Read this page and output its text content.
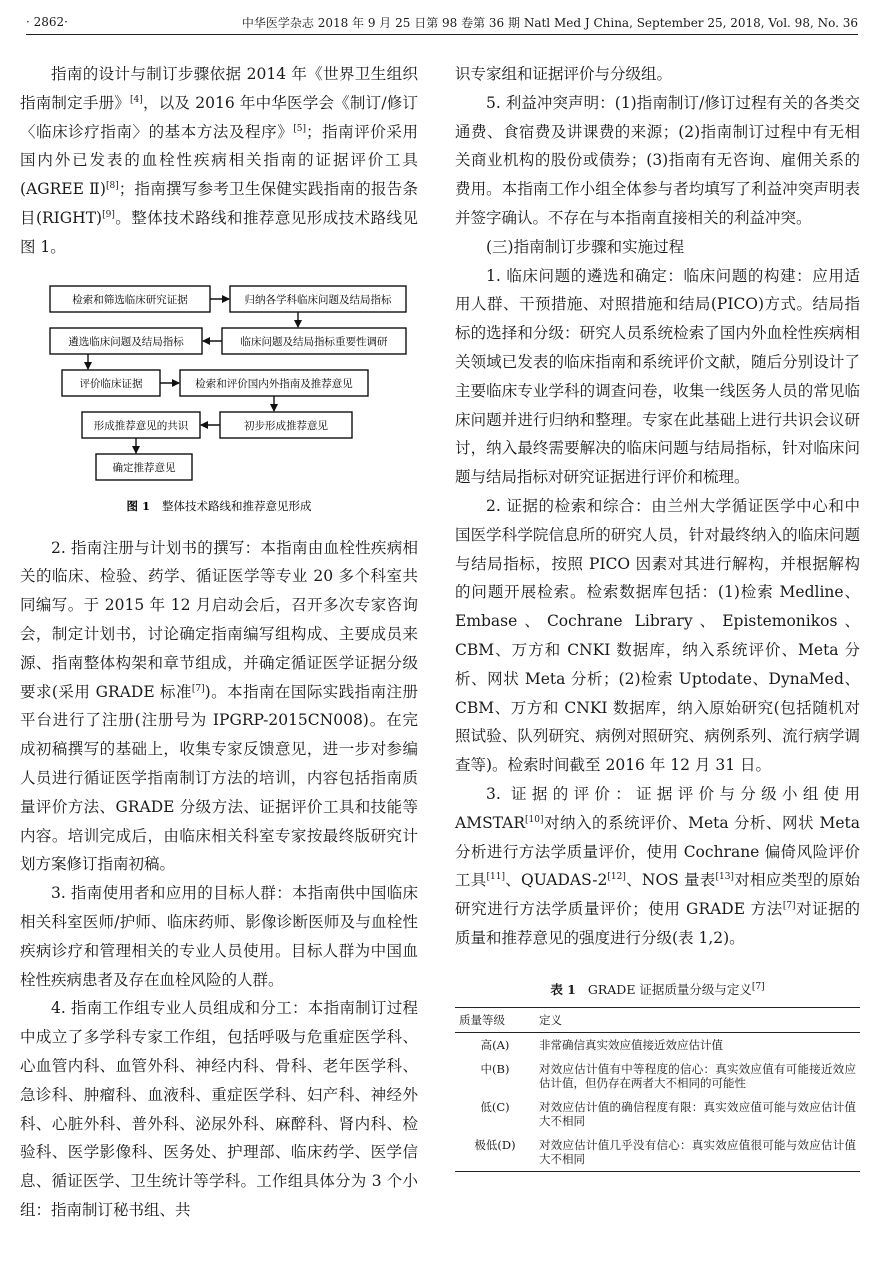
· 2862·	中华医学杂志 2018 年 9 月 25 日第 98 卷第 36 期 Natl Med J China, September 25, 2018, Vol. 98, No. 36

指南的设计与制订步骤依据 2014 年《世界卫生组织指南制定手册》[4]，以及 2016 年中华医学会《制订/修订〈临床诊疗指南〉的基本方法及程序》[5]；指南评价采用国内外已发表的血栓性疾病相关指南的证据评价工具(AGREE Ⅱ)[8]；指南撰写参考卫生保健实践指南的报告条目(RIGHT)[9]。整体技术路线和推荐意见形成技术路线见图 1。

检索和筛选临床研究证据	归纳各学科临床问题及结局指标
临床问题及结局指标重要性调研
遴选临床问题及结局指标
评价临床证据	检索和评价国内外指南及推荐意见
初步形成推荐意见
形成推荐意见的共识
确定推荐意见
图 1 整体技术路线和推荐意见形成

2. 指南注册与计划书的撰写：本指南由血栓性疾病相关的临床、检验、药学、循证医学等专业 20 多个科室共同编写。于 2015 年 12 月启动会后，召开多次专家咨询会，制定计划书，讨论确定指南编写组构成、主要成员来源、指南整体构架和章节组成，并确定循证医学证据分级要求(采用 GRADE 标准[7])。本指南在国际实践指南注册平台进行了注册(注册号为 IPGRP-2015CN008)。在完成初稿撰写的基础上，收集专家反馈意见，进一步对参编人员进行循证医学指南制订方法的培训，内容包括指南质量评价方法、GRADE 分级方法、证据评价工具和技能等内容。培训完成后，由临床相关科室专家按最终版研究计划方案修订指南初稿。

3. 指南使用者和应用的目标人群：本指南供中国临床相关科室医师/护师、临床药师、影像诊断医师及与血栓性疾病诊疗和管理相关的专业人员使用。目标人群为中国血栓性疾病患者及存在血栓风险的人群。

4. 指南工作组专业人员组成和分工：本指南制订过程中成立了多学科专家工作组，包括呼吸与危重症医学科、心血管内科、血管外科、神经内科、骨科、老年医学科、急诊科、肿瘤科、血液科、重症医学科、妇产科、神经外科、心脏外科、普外科、泌尿外科、麻醉科、肾内科、检验科、医学影像科、医务处、护理部、临床药学、医学信息、循证医学、卫生统计等学科。工作组具体分为 3 个小组：指南制订秘书组、共

识专家组和证据评价与分级组。

5. 利益冲突声明：(1)指南制订/修订过程有关的各类交通费、食宿费及讲课费的来源；(2)指南制订过程中有无相关商业机构的股份或债券；(3)指南有无咨询、雇佣关系的费用。本指南工作小组全体参与者均填写了利益冲突声明表并签字确认。不存在与本指南直接相关的利益冲突。

(三)指南制订步骤和实施过程

1. 临床问题的遴选和确定：临床问题的构建：应用适用人群、干预措施、对照措施和结局(PICO)方式。结局指标的选择和分级：研究人员系统检索了国内外血栓性疾病相关领域已发表的临床指南和系统评价文献，随后分别设计了主要临床专业学科的调查问卷，收集一线医务人员的常见临床问题并进行归纳和整理。专家在此基础上进行共识会议研讨，纳入最终需要解决的临床问题与结局指标，针对临床问题与结局指标对研究证据进行评价和梳理。

2. 证据的检索和综合：由兰州大学循证医学中心和中国医学科学院信息所的研究人员，针对最终纳入的临床问题与结局指标，按照 PICO 因素对其进行解构，并根据解构的问题开展检索。检索数据库包括：(1)检索 Medline、Embase、Cochrane Library、Epistemonikos、CBM、万方和 CNKI 数据库，纳入系统评价、Meta 分析、网状 Meta 分析；(2)检索 Uptodate、DynaMed、CBM、万方和 CNKI 数据库，纳入原始研究(包括随机对照试验、队列研究、病例对照研究、病例系列、流行病学调查等)。检索时间截至 2016 年 12 月 31 日。

3. 证据的评价：证据评价与分级小组使用 AMSTAR[10]对纳入的系统评价、Meta 分析、网状 Meta 分析进行方法学质量评价，使用 Cochrane 偏倚风险评价工具[11]、QUADAS-2[12]、NOS 量表[13]对相应类型的原始研究进行方法学质量评价；使用 GRADE 方法[7]对证据的质量和推荐意见的强度进行分级(表 1,2)。

表 1 GRADE 证据质量分级与定义[7]
质量等级	定义
高(A)	非常确信真实效应值接近效应估计值
中(B)	对效应估计值有中等程度的信心：真实效应值有可能接近效应估计值，但仍存在两者大不相同的可能性
低(C)	对效应估计值的确信程度有限：真实效应值可能与效应估计值大不相同
极低(D)	对效应估计值几乎没有信心：真实效应值很可能与效应估计值大不相同
